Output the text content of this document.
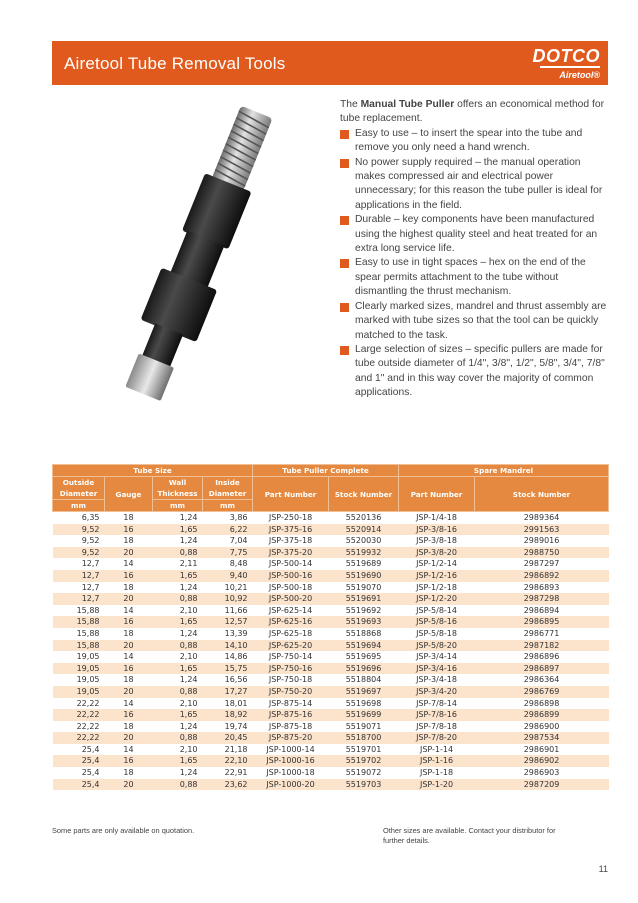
Airetool Tube Removal Tools	DOTCO
Airetool®

The Manual Tube Puller offers an economical method for tube replacement.

Easy to use – to insert the spear into the tube and remove you only need a hand wrench.
No power supply required – the manual operation makes compressed air and electrical power unnecessary; for this reason the tube puller is ideal for applications in the field.
Durable – key components have been manufactured using the highest quality steel and heat treated for an extra long service life.
Easy to use in tight spaces – hex on the end of the spear permits attachment to the tube without dismantling the thrust mechanism.
Clearly marked sizes, mandrel and thrust assembly are marked with tube sizes so that the tool can be quickly matched to the task.
Large selection of sizes – specific pullers are made for tube outside diameter of 1/4", 3/8", 1/2", 5/8", 3/4", 7/8" and 1" and in this way cover the majority of common applications.
Tube Size				Tube Puller Complete		Spare Mandrel	
Outside Diameter	Gauge	Wall Thickness	Inside Diameter	Part Number	Stock Number	Part Number	Stock Number
mm		mm	mm				
6,35	18	1,24	3,86	JSP-250-18	5520136	JSP-1/4-18	2989364
9,52	16	1,65	6,22	JSP-375-16	5520914	JSP-3/8-16	2991563
9,52	18	1,24	7,04	JSP-375-18	5520030	JSP-3/8-18	2989016
9,52	20	0,88	7,75	JSP-375-20	5519932	JSP-3/8-20	2988750
12,7	14	2,11	8,48	JSP-500-14	5519689	JSP-1/2-14	2987297
12,7	16	1,65	9,40	JSP-500-16	5519690	JSP-1/2-16	2986892
12,7	18	1,24	10,21	JSP-500-18	5519070	JSP-1/2-18	2986893
12,7	20	0,88	10,92	JSP-500-20	5519691	JSP-1/2-20	2987298
15,88	14	2,10	11,66	JSP-625-14	5519692	JSP-5/8-14	2986894
15,88	16	1,65	12,57	JSP-625-16	5519693	JSP-5/8-16	2986895
15,88	18	1,24	13,39	JSP-625-18	5518868	JSP-5/8-18	2986771
15,88	20	0,88	14,10	JSP-625-20	5519694	JSP-5/8-20	2987182
19,05	14	2,10	14,86	JSP-750-14	5519695	JSP-3/4-14	2986896
19,05	16	1,65	15,75	JSP-750-16	5519696	JSP-3/4-16	2986897
19,05	18	1,24	16,56	JSP-750-18	5518804	JSP-3/4-18	2986364
19,05	20	0,88	17,27	JSP-750-20	5519697	JSP-3/4-20	2986769
22,22	14	2,10	18,01	JSP-875-14	5519698	JSP-7/8-14	2986898
22,22	16	1,65	18,92	JSP-875-16	5519699	JSP-7/8-16	2986899
22,22	18	1,24	19,74	JSP-875-18	5519071	JSP-7/8-18	2986900
22,22	20	0,88	20,45	JSP-875-20	5518700	JSP-7/8-20	2987534
25,4	14	2,10	21,18	JSP-1000-14	5519701	JSP-1-14	2986901
25,4	16	1,65	22,10	JSP-1000-16	5519702	JSP-1-16	2986902
25,4	18	1,24	22,91	JSP-1000-18	5519072	JSP-1-18	2986903
25,4	20	0,88	23,62	JSP-1000-20	5519703	JSP-1-20	2987209
Some parts are only available on quotation.	Other sizes are available. Contact your distributor for further details.
11
